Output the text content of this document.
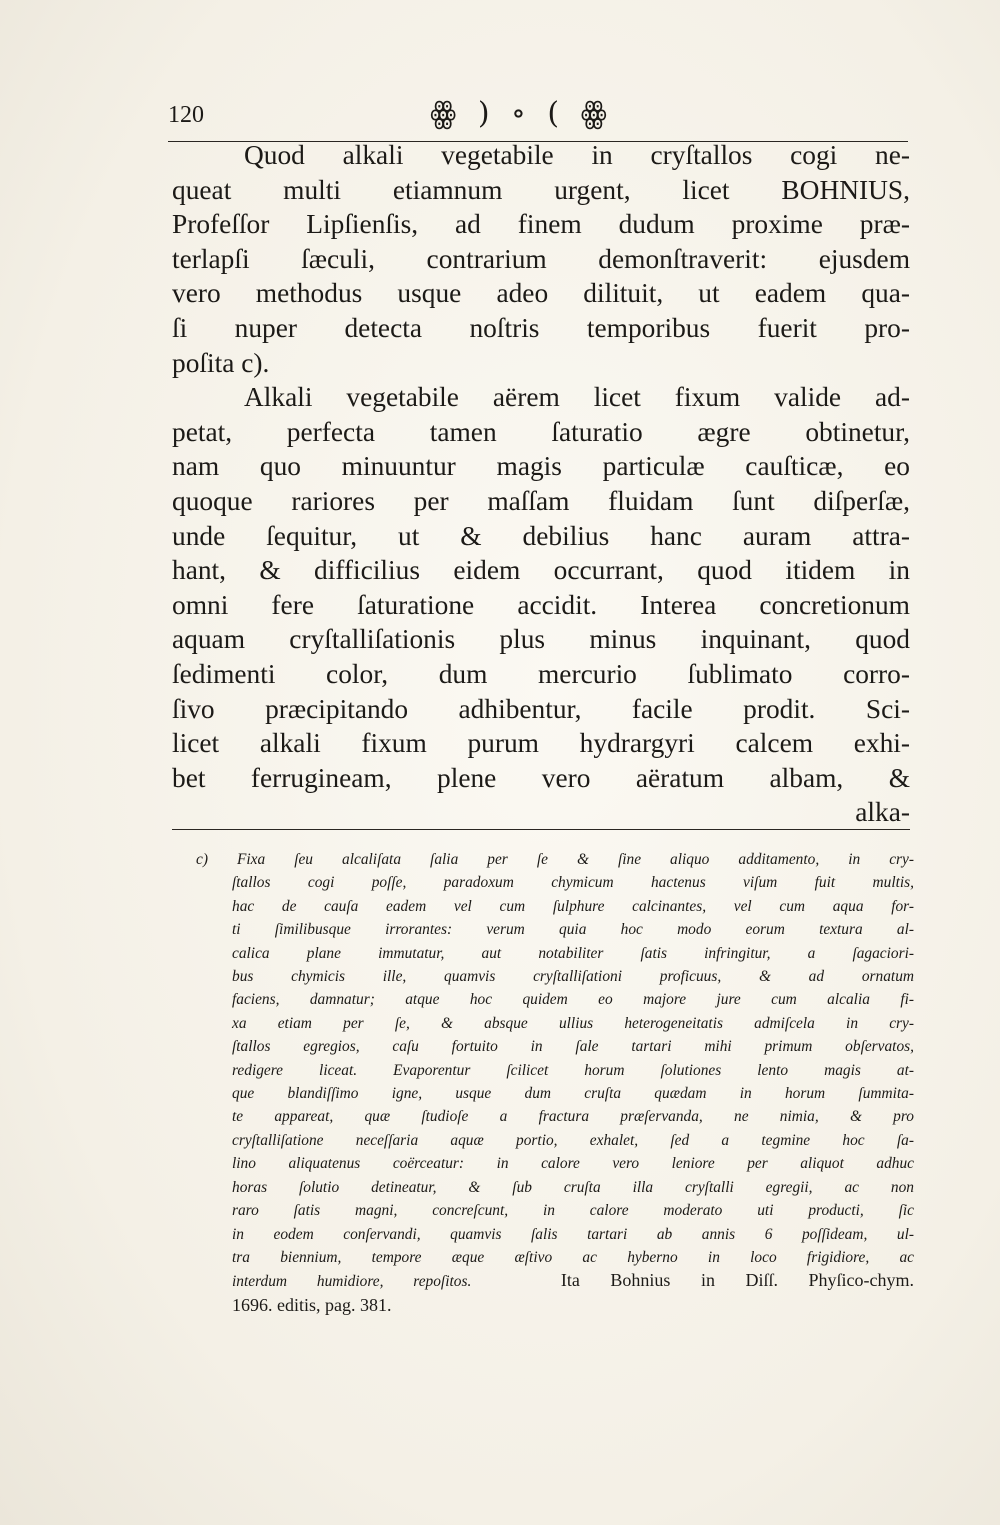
120	ꙮ ) ∘ ( ꙮ
Quod alkali vegetabile in cryſtallos cogi ne-
queat multi etiamnum urgent, licet BOHNIUS,
Profeſſor Lipſienſis, ad finem dudum proxime præ-
terlapſi ſæculi, contrarium demonſtraverit: ejusdem
vero methodus usque adeo dilituit, ut eadem qua-
ſi nuper detecta noſtris temporibus fuerit pro-
poſita c).
Alkali vegetabile aërem licet fixum valide ad-
petat, perfecta tamen ſaturatio ægre obtinetur,
nam quo minuuntur magis particulæ cauſticæ, eo
quoque rariores per maſſam fluidam ſunt diſperſæ,
unde ſequitur, ut & debilius hanc auram attra-
hant, & difficilius eidem occurrant, quod itidem in
omni fere ſaturatione accidit. Interea concretionum
aquam cryſtalliſationis plus minus inquinant, quod
ſedimenti color, dum mercurio ſublimato corro-
ſivo præcipitando adhibentur, facile prodit. Sci-
licet alkali fixum purum hydrargyri calcem exhi-
bet ferrugineam, plene vero aëratum albam, &
alka-
c) Fixa ſeu alcaliſata ſalia per ſe & ſine aliquo additamento, in cry-
ſtallos cogi poſſe, paradoxum chymicum hactenus viſum fuit multis,
hac de cauſa eadem vel cum ſulphure calcinantes, vel cum aqua for-
ti ſimilibusque irrorantes: verum quia hoc modo eorum textura al-
calica plane immutatur, aut notabiliter ſatis infringitur, a ſagaciori-
bus chymicis ille, quamvis cryſtalliſationi proficuus, & ad ornatum
faciens, damnatur; atque hoc quidem eo majore jure cum alcalia fi-
xa etiam per ſe, & absque ullius heterogeneitatis admiſcela in cry-
ſtallos egregios, caſu fortuito in ſale tartari mihi primum obſervatos,
redigere liceat. Evaporentur ſcilicet horum ſolutiones lento magis at-
que blandiſſimo igne, usque dum cruſta quædam in horum ſummita-
te appareat, quæ ſtudioſe a fractura præſervanda, ne nimia, & pro
cryſtalliſatione neceſſaria aquæ portio, exhalet, ſed a tegmine hoc ſa-
lino aliquatenus coërceatur: in calore vero leniore per aliquot adhuc
horas ſolutio detineatur, & ſub cruſta illa cryſtalli egregii, ac non
raro ſatis magni, concreſcunt, in calore moderato uti producti, ſic
in eodem conſervandi, quamvis ſalis tartari ab annis 6 poſſideam, ul-
tra biennium, tempore æque æſtivo ac hyberno in loco frigidiore, ac
interdum humidiore, repoſitos.	Ita Bohnius in Diſſ. Phyſico-chym.
1696. editis, pag. 381.
